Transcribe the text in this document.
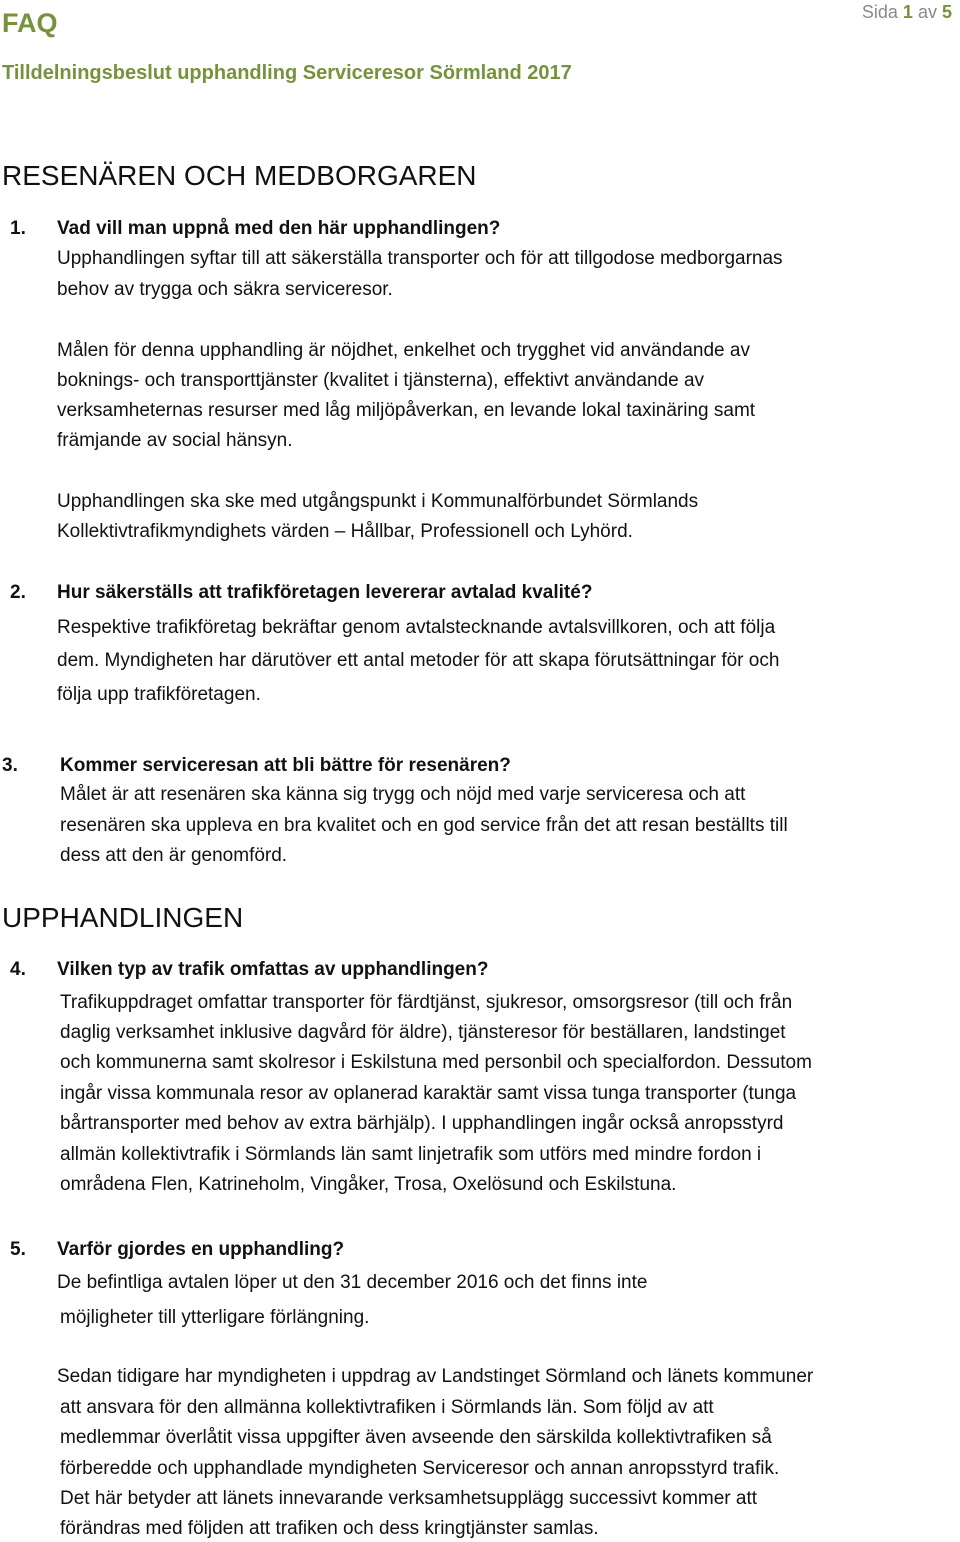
FAQ	Sida 1 av 5
Tilldelningsbeslut upphandling Serviceresor Sörmland 2017
RESENÄREN OCH MEDBORGAREN
1. Vad vill man uppnå med den här upphandlingen?
Upphandlingen syftar till att säkerställa transporter och för att tillgodose medborgarnas
behov av trygga och säkra serviceresor.
Målen för denna upphandling är nöjdhet, enkelhet och trygghet vid användande av
boknings- och transporttjänster (kvalitet i tjänsterna), effektivt användande av
verksamheternas resurser med låg miljöpåverkan, en levande lokal taxinäring samt
främjande av social hänsyn.
Upphandlingen ska ske med utgångspunkt i Kommunalförbundet Sörmlands
Kollektivtrafikmyndighets värden – Hållbar, Professionell och Lyhörd.
2. Hur säkerställs att trafikföretagen levererar avtalad kvalité?
Respektive trafikföretag bekräftar genom avtalstecknande avtalsvillkoren, och att följa
dem. Myndigheten har därutöver ett antal metoder för att skapa förutsättningar för och
följa upp trafikföretagen.
3. Kommer serviceresan att bli bättre för resenären?
Målet är att resenären ska känna sig trygg och nöjd med varje serviceresa och att
resenären ska uppleva en bra kvalitet och en god service från det att resan beställts till
dess att den är genomförd.
UPPHANDLINGEN
4. Vilken typ av trafik omfattas av upphandlingen?
Trafikuppdraget omfattar transporter för färdtjänst, sjukresor, omsorgsresor (till och från
daglig verksamhet inklusive dagvård för äldre), tjänsteresor för beställaren, landstinget
och kommunerna samt skolresor i Eskilstuna med personbil och specialfordon. Dessutom
ingår vissa kommunala resor av oplanerad karaktär samt vissa tunga transporter (tunga
bårtransporter med behov av extra bärhjälp). I upphandlingen ingår också anropsstyrd
allmän kollektivtrafik i Sörmlands län samt linjetrafik som utförs med mindre fordon i
områdena Flen, Katrineholm, Vingåker, Trosa, Oxelösund och Eskilstuna.
5. Varför gjordes en upphandling?
De befintliga avtalen löper ut den 31 december 2016 och det finns inte
möjligheter till ytterligare förlängning.
Sedan tidigare har myndigheten i uppdrag av Landstinget Sörmland och länets kommuner
att ansvara för den allmänna kollektivtrafiken i Sörmlands län. Som följd av att
medlemmar överlåtit vissa uppgifter även avseende den särskilda kollektivtrafiken så
förberedde och upphandlade myndigheten Serviceresor och annan anropsstyrd trafik.
Det här betyder att länets innevarande verksamhetsupplägg successivt kommer att
förändras med följden att trafiken och dess kringtjänster samlas.
